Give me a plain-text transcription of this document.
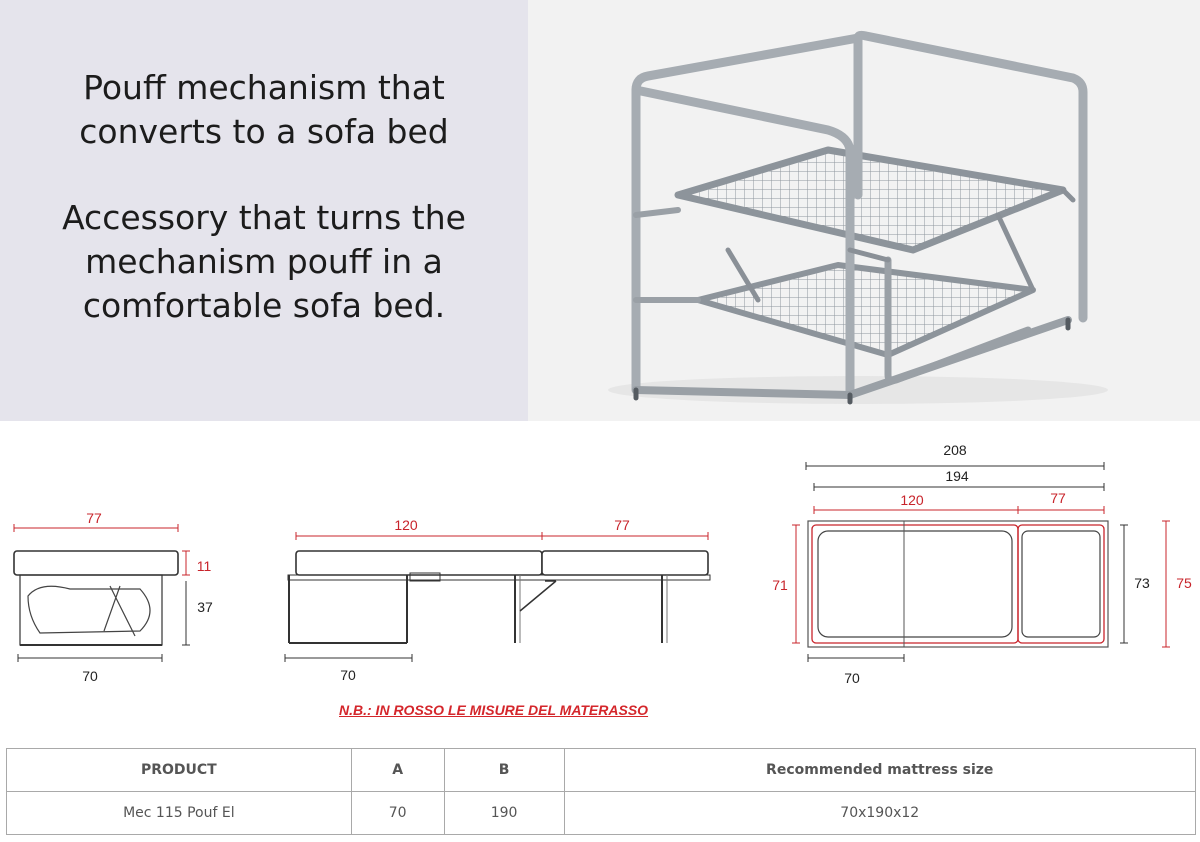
Pouff mechanism that

converts to a sofa bed

Accessory that turns the

mechanism pouff in a

comfortable sofa bed.

77
11
37
70
120	77
70
208
194
120	77
71	73 75
70
N.B.: IN ROSSO LE MISURE DEL MATERASSO
PRODUCT	A	B	Recommended mattress size
Mec 115 Pouf El	70	190	70x190x12
